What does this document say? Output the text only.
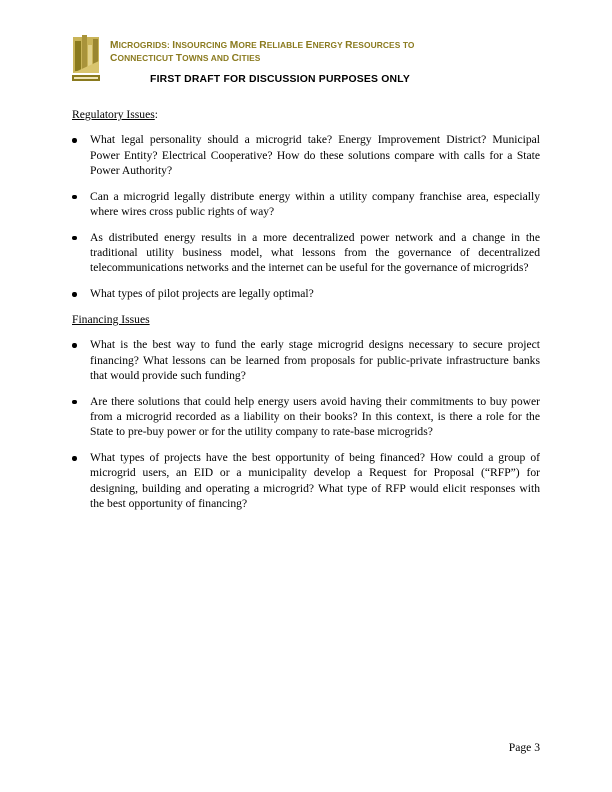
MICROGRIDS: INSOURCING MORE RELIABLE ENERGY RESOURCES TO
CONNECTICUT TOWNS AND CITIES
FIRST DRAFT FOR DISCUSSION PURPOSES ONLY
Regulatory Issues:
What legal personality should a microgrid take? Energy Improvement District? Municipal Power Entity? Electrical Cooperative? How do these solutions compare with calls for a State Power Authority?
Can a microgrid legally distribute energy within a utility company franchise area, especially where wires cross public rights of way?
As distributed energy results in a more decentralized power network and a change in the traditional utility business model, what lessons from the governance of decentralized telecommunications networks and the internet can be useful for the governance of microgrids?
What types of pilot projects are legally optimal?
Financing Issues
What is the best way to fund the early stage microgrid designs necessary to secure project financing? What lessons can be learned from proposals for public-private infrastructure banks that would provide such funding?
Are there solutions that could help energy users avoid having their commitments to buy power from a microgrid recorded as a liability on their books? In this context, is there a role for the State to pre-buy power or for the utility company to rate-base microgrids?
What types of projects have the best opportunity of being financed? How could a group of microgrid users, an EID or a municipality develop a Request for Proposal (“RFP”) for designing, building and operating a microgrid? What type of RFP would elicit responses with the best opportunity of financing?
Page 3
